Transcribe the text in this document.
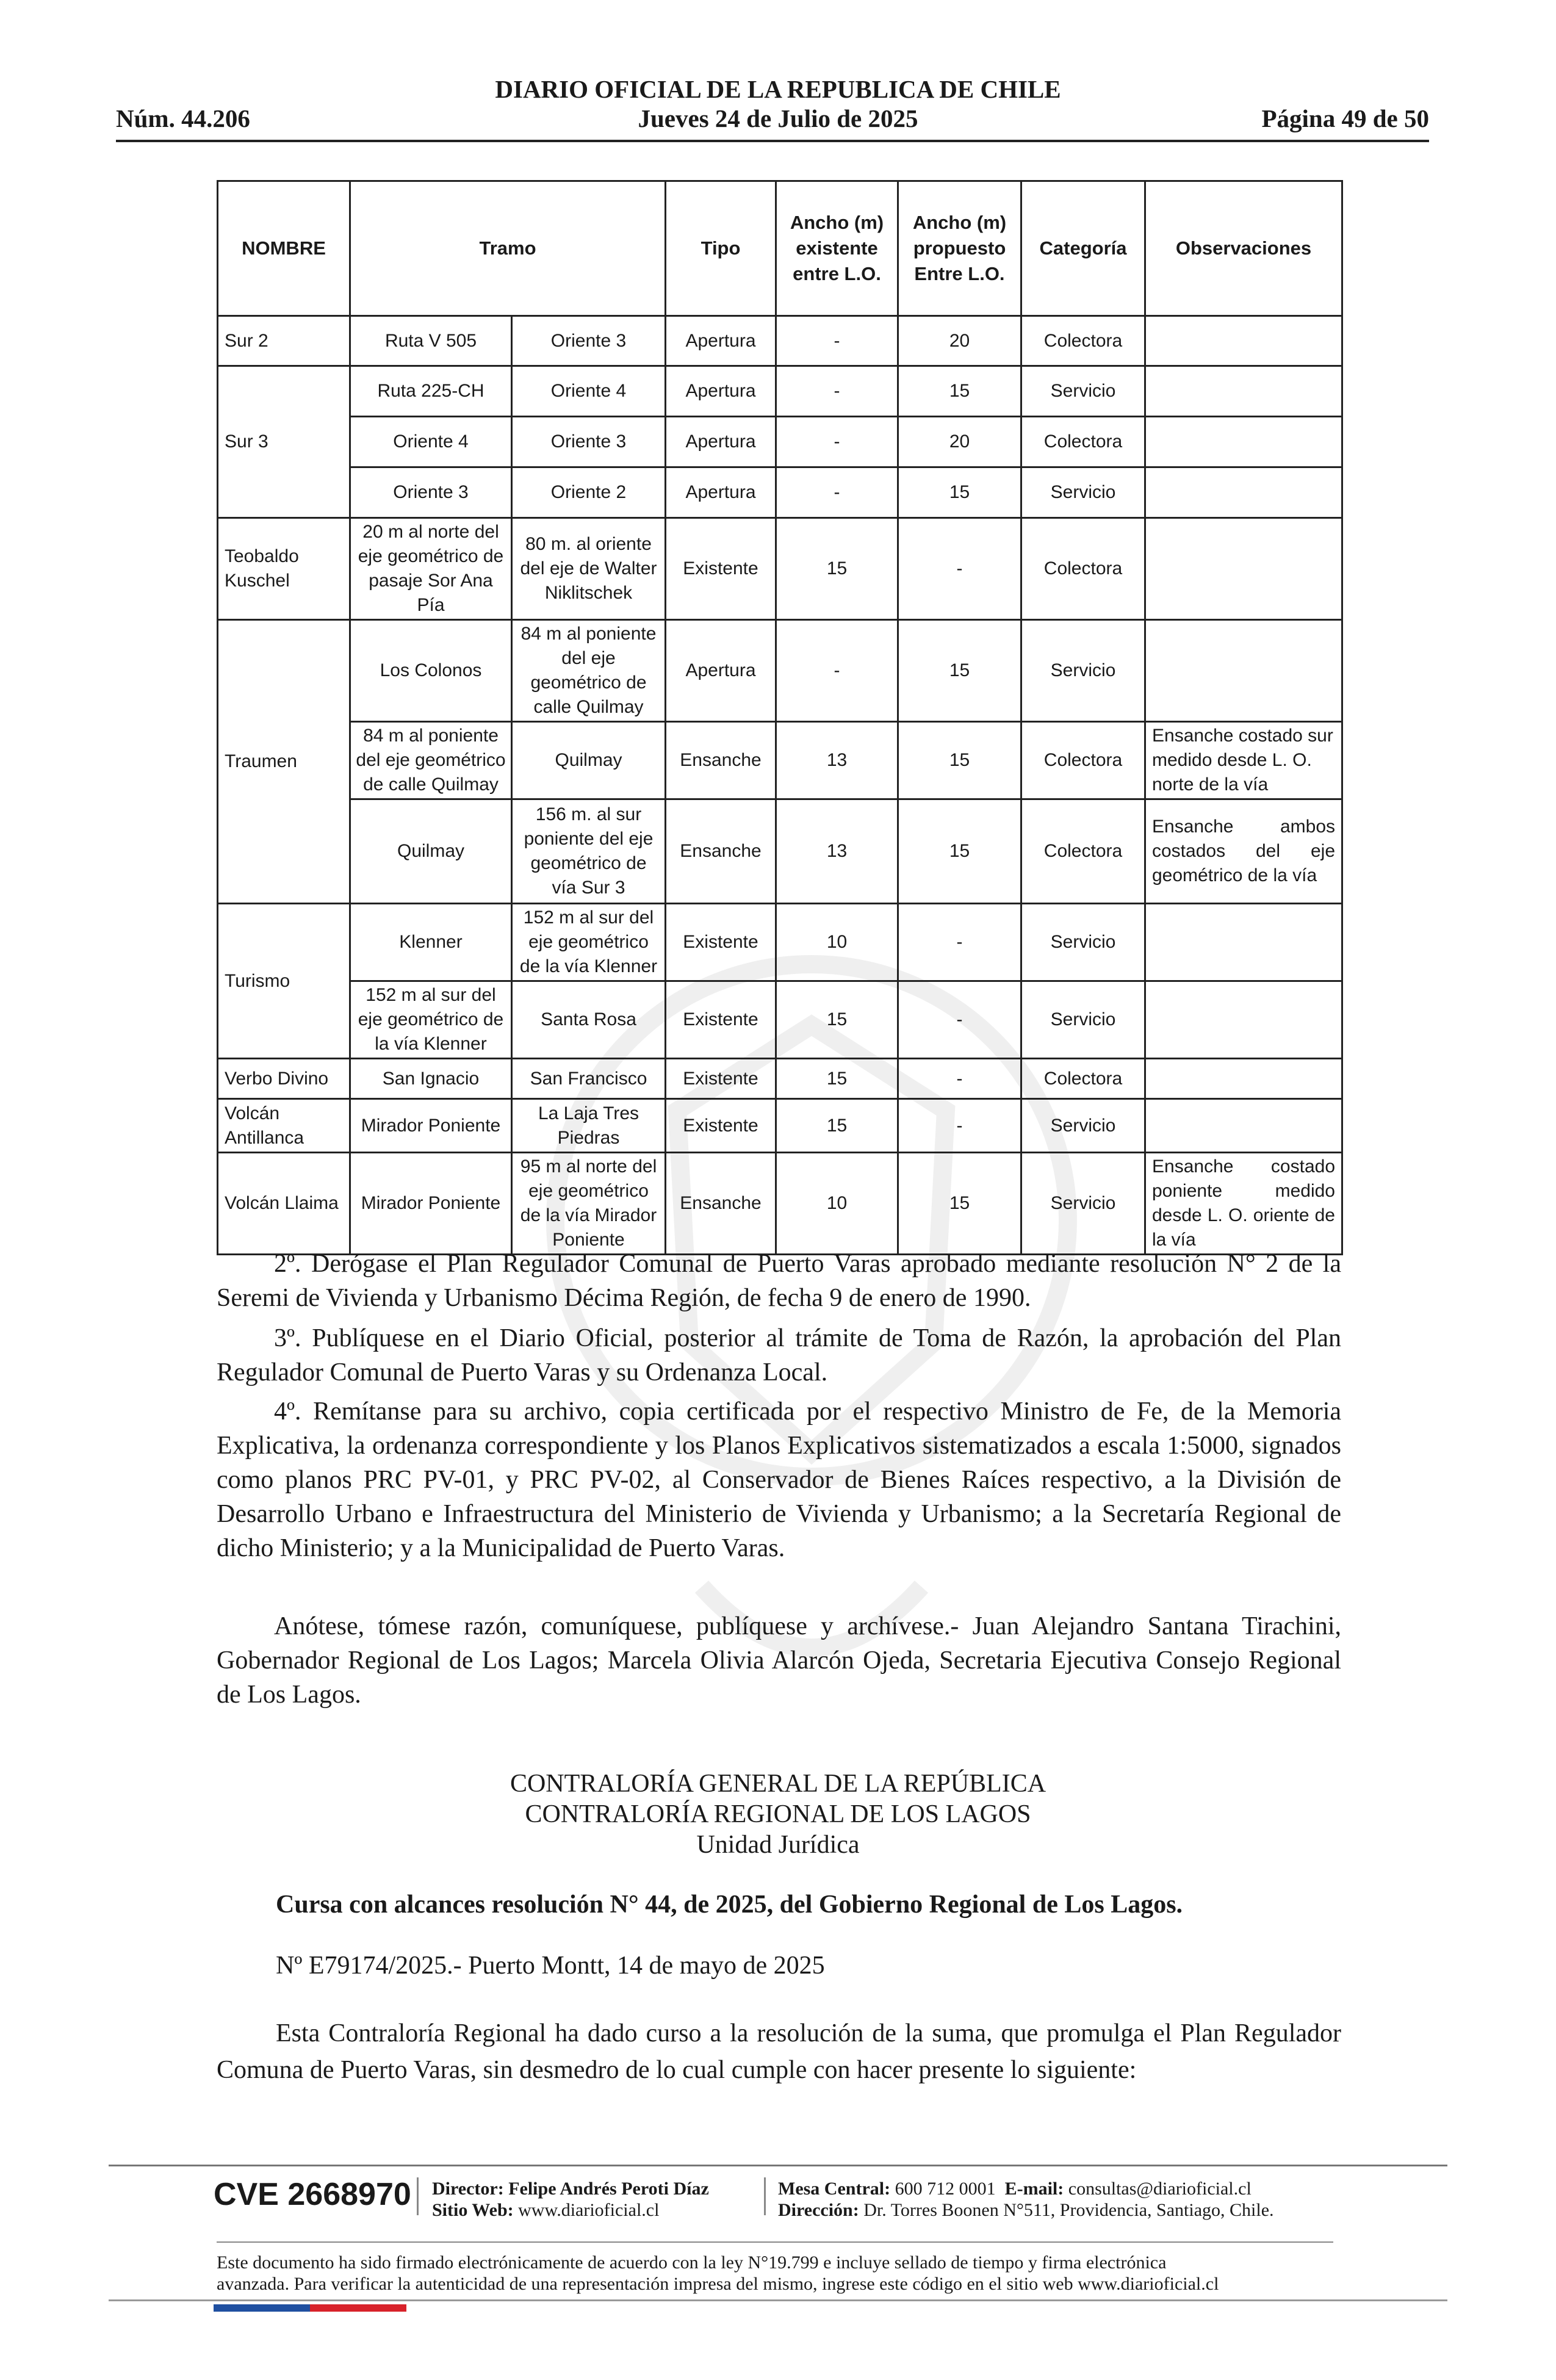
DIARIO OFICIAL DE LA REPUBLICA DE CHILE
Núm. 44.206	Jueves 24 de Julio de 2025	Página 49 de 50
NOMBRE	Tramo		Tipo	Ancho (m) existente entre L.O.	Ancho (m) propuesto Entre L.O.	Categoría	Observaciones
Sur 2	Ruta V 505	Oriente 3	Apertura	-	20	Colectora	
Sur 3	Ruta 225-CH	Oriente 4	Apertura	-	15	Servicio	
	Oriente 4	Oriente 3	Apertura	-	20	Colectora	
	Oriente 3	Oriente 2	Apertura	-	15	Servicio	
Teobaldo Kuschel	20 m al norte del eje geométrico de pasaje Sor Ana Pía	80 m. al oriente del eje de Walter Niklitschek	Existente	15	-	Colectora	
Traumen	Los Colonos	84 m al poniente del eje geométrico de calle Quilmay	Apertura	-	15	Servicio	
	84 m al poniente del eje geométrico de calle Quilmay	Quilmay	Ensanche	13	15	Colectora	Ensanche costado sur medido desde L. O. norte de la vía
	Quilmay	156 m. al sur poniente del eje geométrico de vía Sur 3	Ensanche	13	15	Colectora	Ensanche ambos costados del eje geométrico de la vía
Turismo	Klenner	152 m al sur del eje geométrico de la vía Klenner	Existente	10	-	Servicio	
	152 m al sur del eje geométrico de la vía Klenner	Santa Rosa	Existente	15	-	Servicio	
Verbo Divino	San Ignacio	San Francisco	Existente	15	-	Colectora	
Volcán Antillanca	Mirador Poniente	La Laja Tres Piedras	Existente	15	-	Servicio	
Volcán Llaima	Mirador Poniente	95 m al norte del eje geométrico de la vía Mirador Poniente	Ensanche	10	15	Servicio	Ensanche costado poniente medido desde L. O. oriente de la vía
2º. Derógase el Plan Regulador Comunal de Puerto Varas aprobado mediante resolución N° 2 de la Seremi de Vivienda y Urbanismo Décima Región, de fecha 9 de enero de 1990.
3º. Publíquese en el Diario Oficial, posterior al trámite de Toma de Razón, la aprobación del Plan Regulador Comunal de Puerto Varas y su Ordenanza Local.
4º. Remítanse para su archivo, copia certificada por el respectivo Ministro de Fe, de la Memoria Explicativa, la ordenanza correspondiente y los Planos Explicativos sistematizados a escala 1:5000, signados como planos PRC PV-01, y PRC PV-02, al Conservador de Bienes Raíces respectivo, a la División de Desarrollo Urbano e Infraestructura del Ministerio de Vivienda y Urbanismo; a la Secretaría Regional de dicho Ministerio; y a la Municipalidad de Puerto Varas.
Anótese, tómese razón, comuníquese, publíquese y archívese.- Juan Alejandro Santana Tirachini, Gobernador Regional de Los Lagos; Marcela Olivia Alarcón Ojeda, Secretaria Ejecutiva Consejo Regional de Los Lagos.
CONTRALORÍA GENERAL DE LA REPÚBLICA
CONTRALORÍA REGIONAL DE LOS LAGOS
Unidad Jurídica
Cursa con alcances resolución N° 44, de 2025, del Gobierno Regional de Los Lagos.
Nº E79174/2025.- Puerto Montt, 14 de mayo de 2025
Esta Contraloría Regional ha dado curso a la resolución de la suma, que promulga el Plan Regulador Comuna de Puerto Varas, sin desmedro de lo cual cumple con hacer presente lo siguiente:
CVE 2668970 Director: Felipe Andrés Peroti Díaz
Sitio Web: www.diarioficial.cl
Mesa Central: 600 712 0001 E-mail: consultas@diarioficial.cl
Dirección: Dr. Torres Boonen N°511, Providencia, Santiago, Chile.
Este documento ha sido firmado electrónicamente de acuerdo con la ley N°19.799 e incluye sellado de tiempo y firma electrónica
avanzada. Para verificar la autenticidad de una representación impresa del mismo, ingrese este código en el sitio web www.diarioficial.cl
